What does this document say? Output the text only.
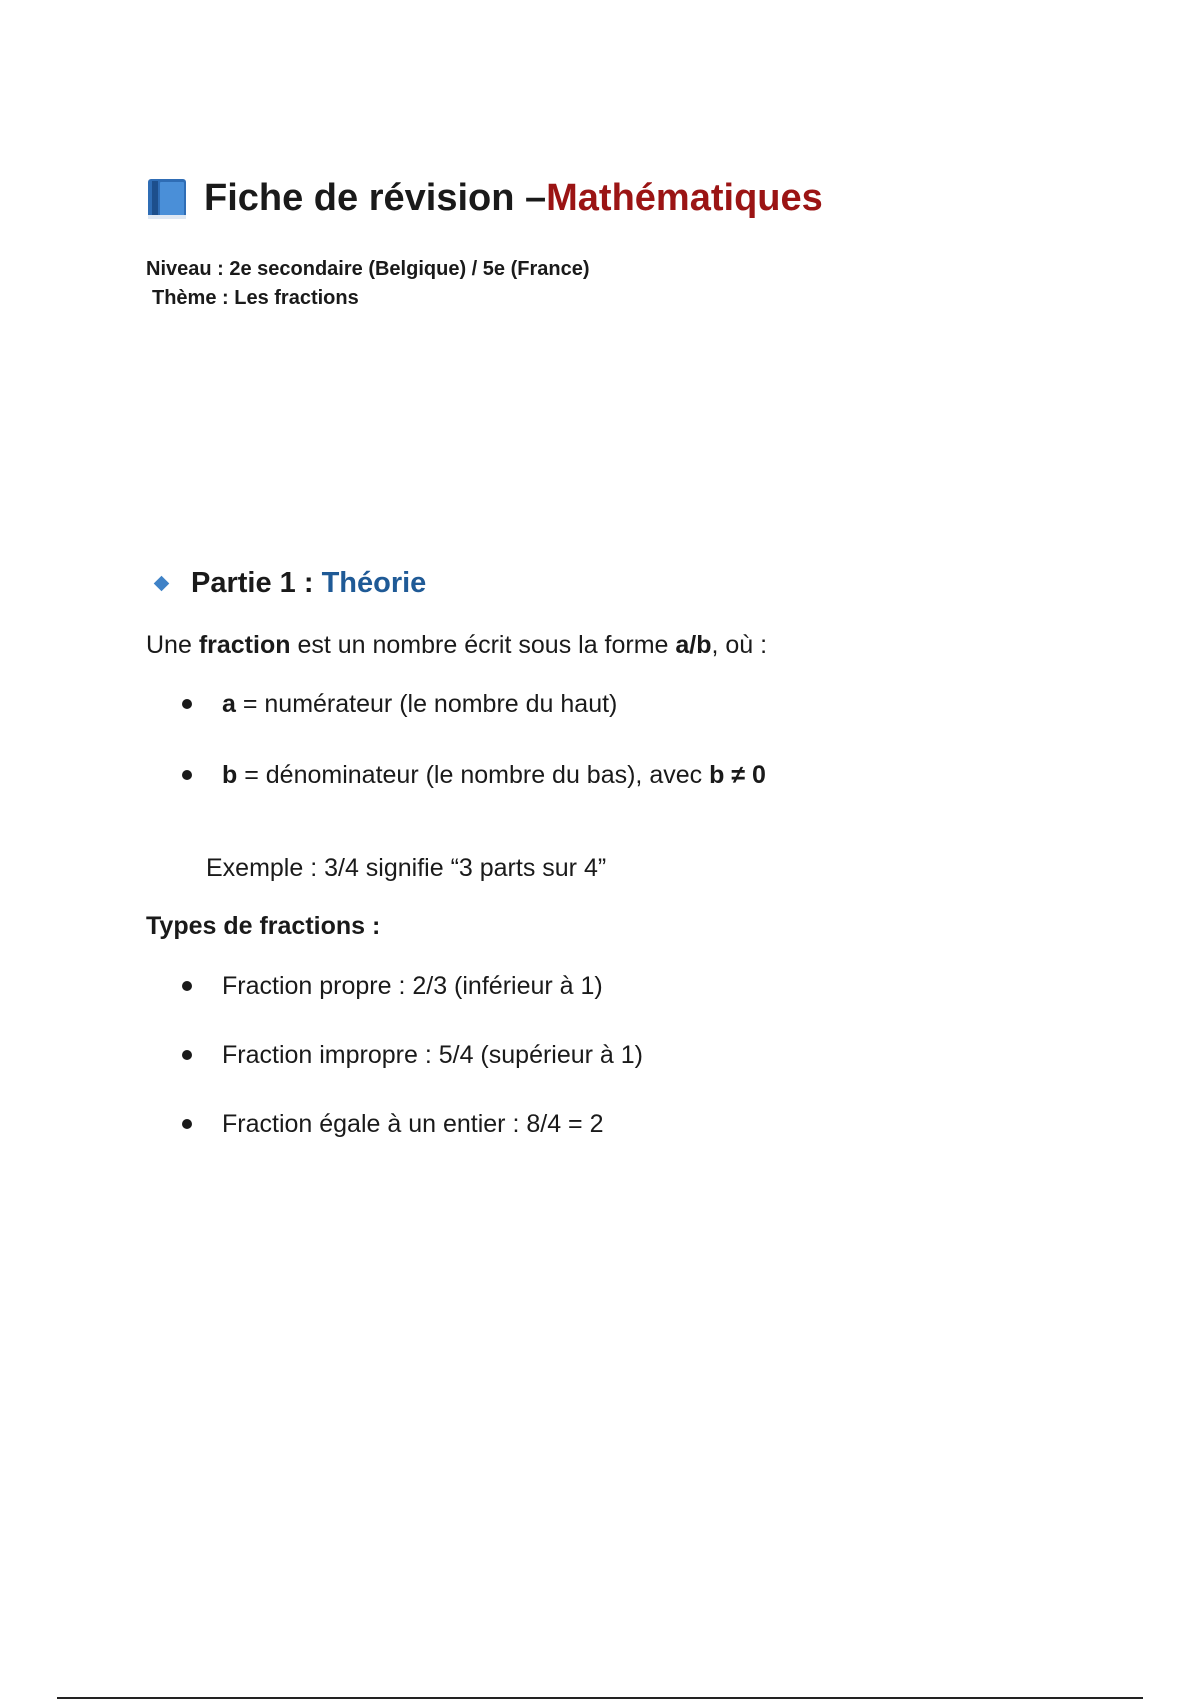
Fiche de révision – Mathématiques
Niveau : 2e secondaire (Belgique) / 5e (France)
Thème : Les fractions
Partie 1 :
Théorie
Une fraction est un nombre écrit sous la forme a/b, où :
a = numérateur (le nombre du haut)
b = dénominateur (le nombre du bas), avec b ≠ 0
Exemple : 3/4 signifie “3 parts sur 4”
Types de fractions :
Fraction propre : 2/3 (inférieur à 1)
Fraction impropre : 5/4 (supérieur à 1)
Fraction égale à un entier : 8/4 = 2
